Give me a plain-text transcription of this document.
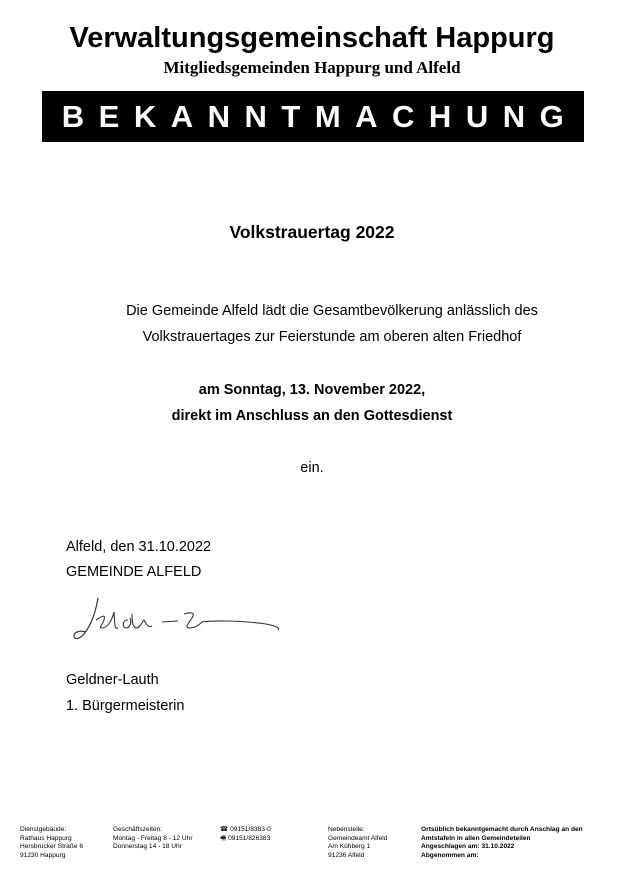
Verwaltungsgemeinschaft Happurg
Mitgliedsgemeinden Happurg und Alfeld
BEKANNTMACHUNG
Volkstrauertag 2022
Die Gemeinde Alfeld lädt die Gesamtbevölkerung anlässlich des
Volkstrauertages zur Feierstunde am oberen alten Friedhof
am Sonntag, 13. November 2022,
direkt im Anschluss an den Gottesdienst
ein.
Alfeld, den 31.10.2022
GEMEINDE ALFELD
Geldner-Lauth
1. Bürgermeisterin
Dienstgebäude:
Rathaus Happurg
Hersbrucker Straße 6
91230 Happurg
Geschäftszeiten:
Montag - Freitag 8 - 12 Uhr
Donnerstag 14 - 18 Uhr
☎ 09151/8383-0
🖷 09151/826383
Nebenstelle:
Gemeindeamt Alfeld
Am Kühberg 1
91236 Alfeld
Ortsüblich bekanntgemacht durch Anschlag an den
Amtstafeln in allen Gemeindeteilen
Angeschlagen am: 31.10.2022
Abgenommen am:
